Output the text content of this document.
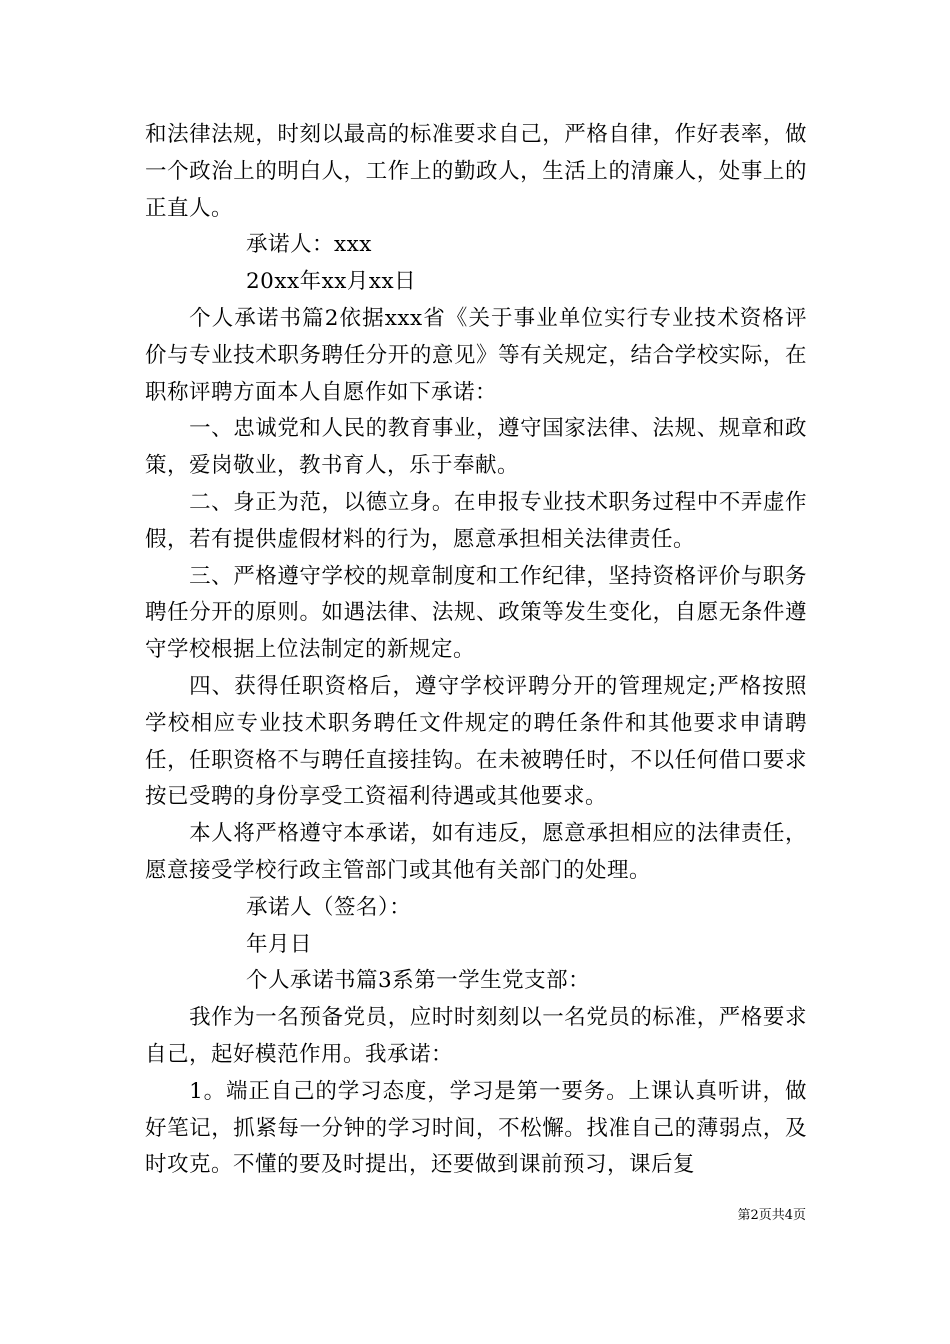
和法律法规，时刻以最高的标准要求自己，严格自律，作好表率，做一个政治上的明白人，工作上的勤政人，生活上的清廉人，处事上的正直人。

承诺人：xxx

20xx年xx月xx日

个人承诺书篇2依据xxx省《关于事业单位实行专业技术资格评价与专业技术职务聘任分开的意见》等有关规定，结合学校实际，在职称评聘方面本人自愿作如下承诺：

一、忠诚党和人民的教育事业，遵守国家法律、法规、规章和政策，爱岗敬业，教书育人，乐于奉献。

二、身正为范，以德立身。在申报专业技术职务过程中不弄虚作假，若有提供虚假材料的行为，愿意承担相关法律责任。

三、严格遵守学校的规章制度和工作纪律，坚持资格评价与职务聘任分开的原则。如遇法律、法规、政策等发生变化，自愿无条件遵守学校根据上位法制定的新规定。

四、获得任职资格后，遵守学校评聘分开的管理规定;严格按照学校相应专业技术职务聘任文件规定的聘任条件和其他要求申请聘任，任职资格不与聘任直接挂钩。在未被聘任时，不以任何借口要求按已受聘的身份享受工资福利待遇或其他要求。

本人将严格遵守本承诺，如有违反，愿意承担相应的法律责任，愿意接受学校行政主管部门或其他有关部门的处理。

承诺人（签名）：

年月日

个人承诺书篇3系第一学生党支部：

我作为一名预备党员，应时时刻刻以一名党员的标准，严格要求自己，起好模范作用。我承诺：

1。端正自己的学习态度，学习是第一要务。上课认真听讲，做好笔记，抓紧每一分钟的学习时间，不松懈。找准自己的薄弱点，及时攻克。不懂的要及时提出，还要做到课前预习，课后复

第2页共4页
